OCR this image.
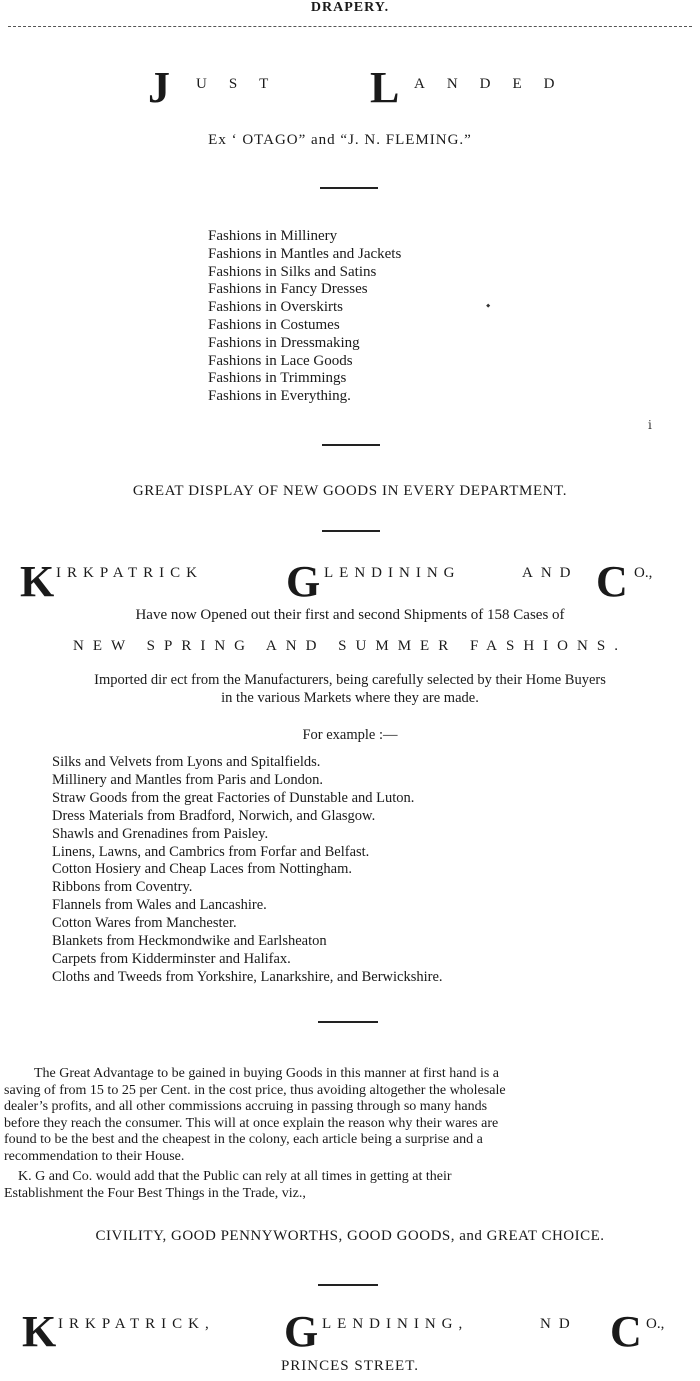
DRAPERY.
J UST L ANDED
Ex ‘ OTAGO” and “J. N. FLEMING.”
Fashions in Millinery
Fashions in Mantles and Jackets
Fashions in Silks and Satins
Fashions in Fancy Dresses
Fashions in Overskirts
Fashions in Costumes
Fashions in Dressmaking
Fashions in Lace Goods
Fashions in Trimmings
Fashions in Everything.
⬩
ⅰ
GREAT DISPLAY OF NEW GOODS IN EVERY DEPARTMENT.
K IRKPATRICK G LENDINING	AND C O.,
Have now Opened out their first and second Shipments of 158 Cases of
NEW SPRING AND SUMMER FASHIONS.
Imported dir ect from the Manufacturers, being carefully selected by their Home Buyers
in the various Markets where they are made.
For example :—
Silks and Velvets from Lyons and Spitalfields.
Millinery and Mantles from Paris and London.
Straw Goods from the great Factories of Dunstable and Luton.
Dress Materials from Bradford, Norwich, and Glasgow.
Shawls and Grenadines from Paisley.
Linens, Lawns, and Cambrics from Forfar and Belfast.
Cotton Hosiery and Cheap Laces from Nottingham.
Ribbons from Coventry.
Flannels from Wales and Lancashire.
Cotton Wares from Manchester.
Blankets from Heckmondwike and Earlsheaton
Carpets from Kidderminster and Halifax.
Cloths and Tweeds from Yorkshire, Lanarkshire, and Berwickshire.
The Great Advantage to be gained in buying Goods in this manner at first hand is a
saving of from 15 to 25 per Cent. in the cost price, thus avoiding altogether the wholesale
dealer’s profits, and all other commissions accruing in passing through so many hands
before they reach the consumer. This will at once explain the reason why their wares are
found to be the best and the cheapest in the colony, each article being a surprise and a
recommendation to their House.
K. G and Co. would add that the Public can rely at all times in getting at their
Establishment the Four Best Things in the Trade, viz.,
CIVILITY, GOOD PENNYWORTHS, GOOD GOODS, and GREAT CHOICE.
K IRKPATRICK, G LENDINING,	ND C O.,
PRINCES STREET.
